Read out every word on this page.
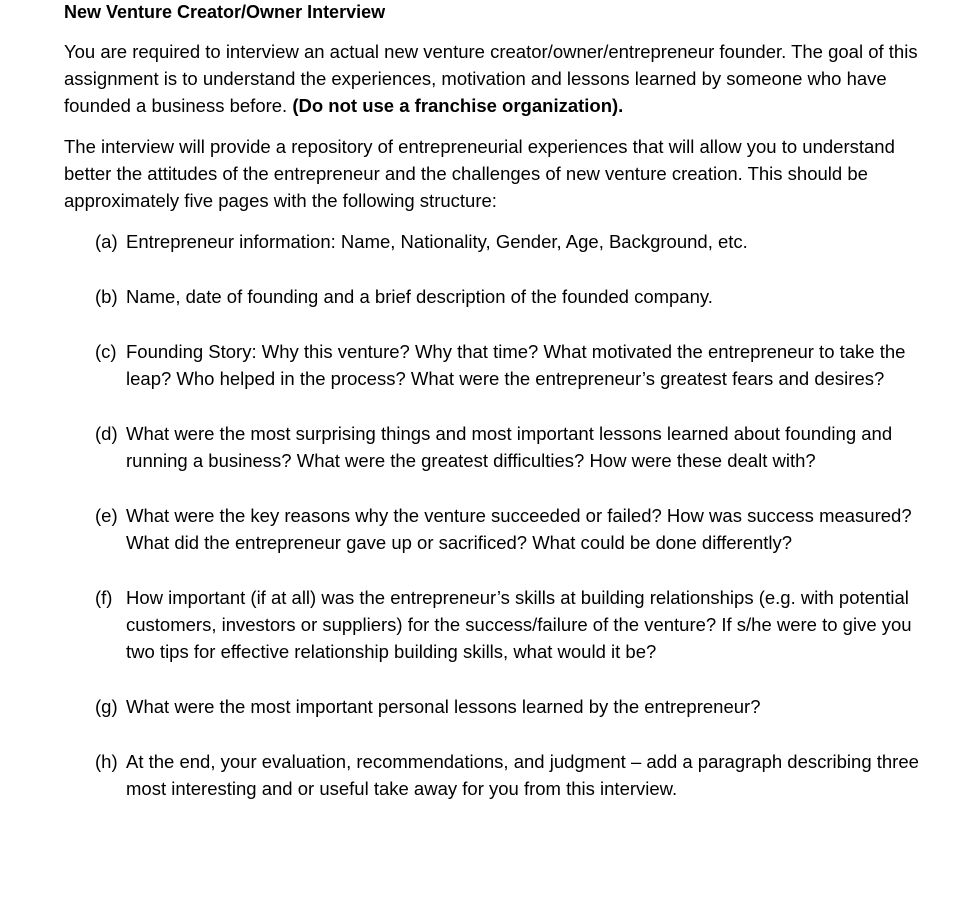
New Venture Creator/Owner Interview

You are required to interview an actual new venture creator/owner/entrepreneur founder. The goal of this assignment is to understand the experiences, motivation and lessons learned by someone who have founded a business before. (Do not use a franchise organization).

The interview will provide a repository of entrepreneurial experiences that will allow you to understand better the attitudes of the entrepreneur and the challenges of new venture creation. This should be approximately five pages with the following structure:

(a) Entrepreneur information: Name, Nationality, Gender, Age, Background, etc.
(b) Name, date of founding and a brief description of the founded company.
(c) Founding Story: Why this venture? Why that time? What motivated the entrepreneur to take the leap? Who helped in the process? What were the entrepreneur’s greatest fears and desires?
(d) What were the most surprising things and most important lessons learned about founding and running a business? What were the greatest difficulties? How were these dealt with?
(e) What were the key reasons why the venture succeeded or failed? How was success measured? What did the entrepreneur gave up or sacrificed? What could be done differently?
(f) How important (if at all) was the entrepreneur’s skills at building relationships (e.g. with potential customers, investors or suppliers) for the success/failure of the venture? If s/he were to give you two tips for effective relationship building skills, what would it be?
(g) What were the most important personal lessons learned by the entrepreneur?
(h) At the end, your evaluation, recommendations, and judgment – add a paragraph describing three most interesting and or useful take away for you from this interview.
